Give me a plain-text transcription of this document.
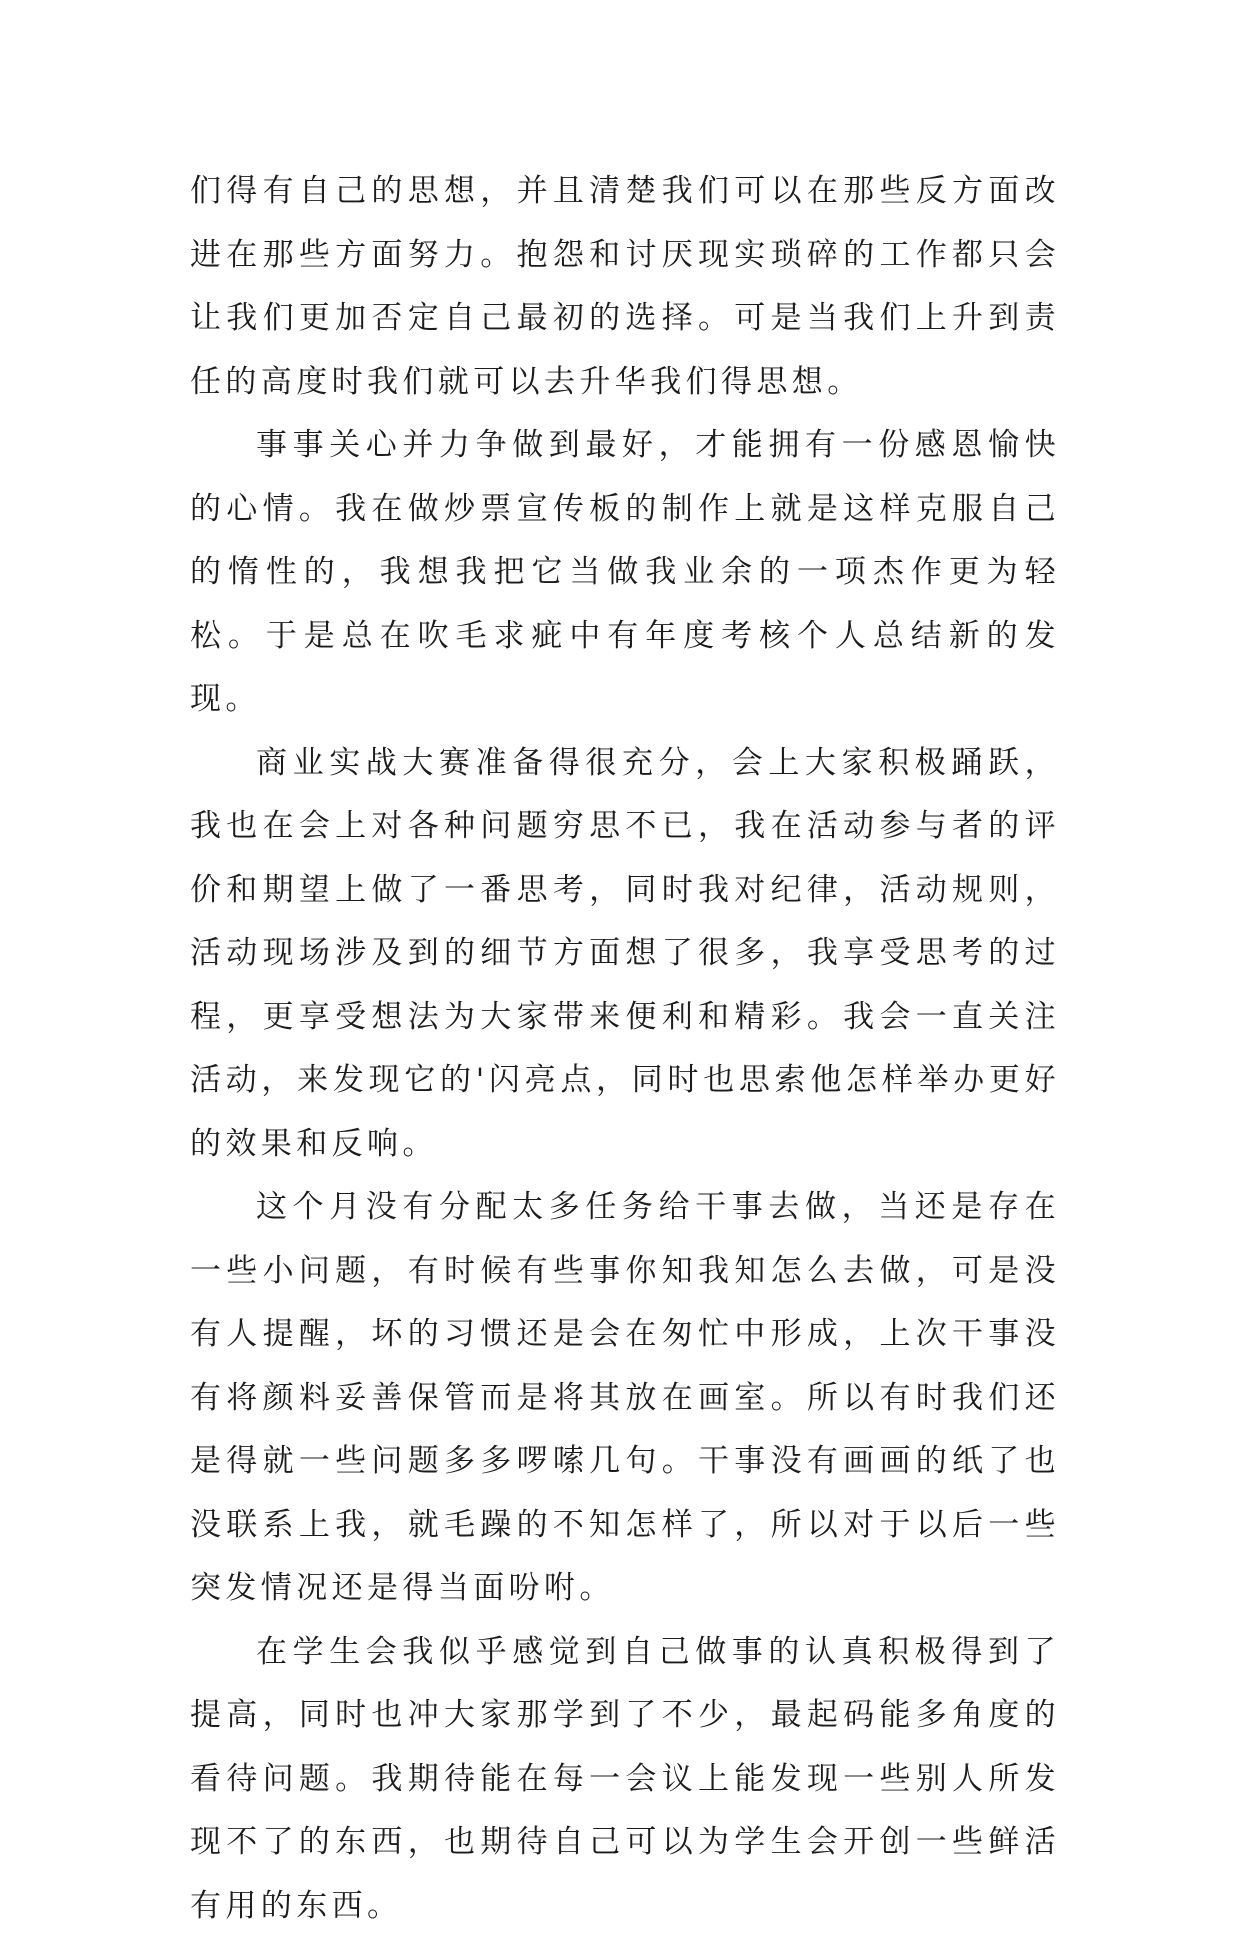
们得有自己的思想，并且清楚我们可以在那些反方面改进在那些方面努力。抱怨和讨厌现实琐碎的工作都只会让我们更加否定自己最初的选择。可是当我们上升到责任的高度时我们就可以去升华我们得思想。

事事关心并力争做到最好，才能拥有一份感恩愉快的心情。我在做炒票宣传板的制作上就是这样克服自己的惰性的，我想我把它当做我业余的一项杰作更为轻松。于是总在吹毛求疵中有年度考核个人总结新的发现。

商业实战大赛准备得很充分，会上大家积极踊跃，我也在会上对各种问题穷思不已，我在活动参与者的评价和期望上做了一番思考，同时我对纪律，活动规则，活动现场涉及到的细节方面想了很多，我享受思考的过程，更享受想法为大家带来便利和精彩。我会一直关注活动，来发现它的'闪亮点，同时也思索他怎样举办更好的效果和反响。

这个月没有分配太多任务给干事去做，当还是存在一些小问题，有时候有些事你知我知怎么去做，可是没有人提醒，坏的习惯还是会在匆忙中形成，上次干事没有将颜料妥善保管而是将其放在画室。所以有时我们还是得就一些问题多多啰嗦几句。干事没有画画的纸了也没联系上我，就毛躁的不知怎样了，所以对于以后一些突发情况还是得当面吩咐。

在学生会我似乎感觉到自己做事的认真积极得到了提高，同时也冲大家那学到了不少，最起码能多角度的看待问题。我期待能在每一会议上能发现一些别人所发现不了的东西，也期待自己可以为学生会开创一些鲜活有用的东西。
